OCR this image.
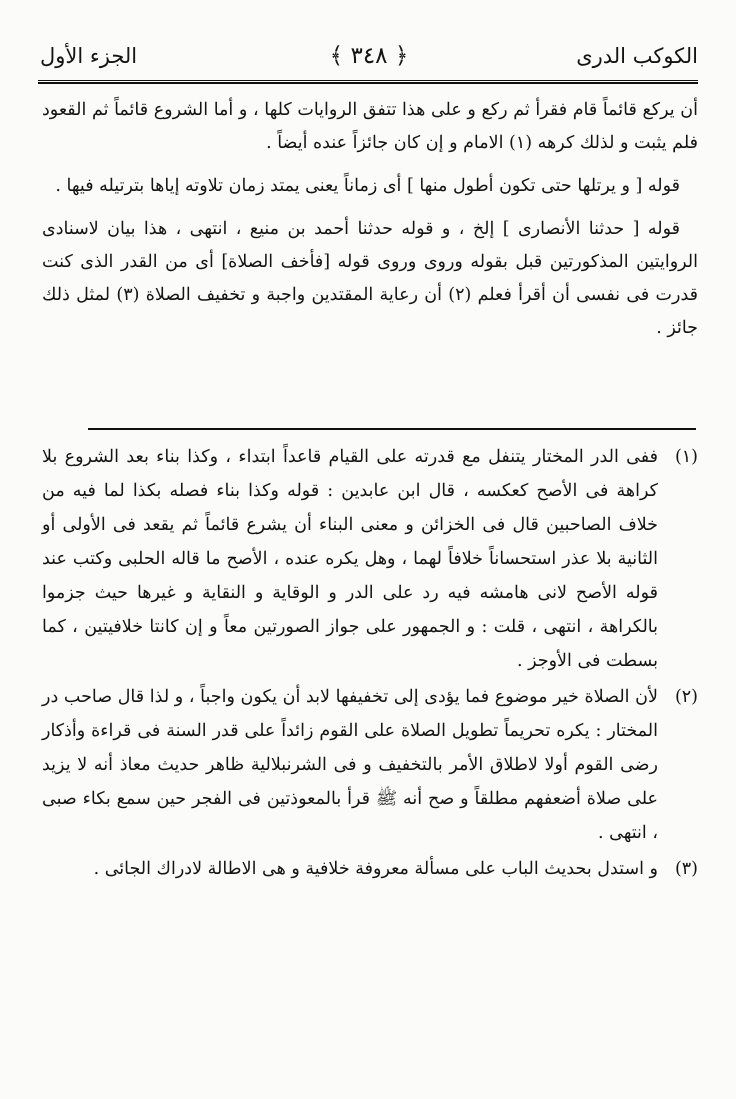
الكوكب الدرى
﴿ ٣٤٨ ﴾
الجزء الأول

أن يركع قائماً قام فقرأ ثم ركع و على هذا تتفق الروايات كلها ، و أما الشروع قائماً ثم القعود فلم يثبت و لذلك كرهه (١) الامام و إن كان جائزاً عنده أيضاً .

قوله [ و يرتلها حتى تكون أطول منها ] أى زماناً يعنى يمتد زمان تلاوته إياها بترتيله فيها .

قوله [ حدثنا الأنصارى ] إلخ ، و قوله حدثنا أحمد بن منيع ، انتهى ، هذا بيان لاسنادى الروايتين المذكورتين قبل بقوله وروى وروى قوله [فأخف الصلاة] أى من القدر الذى كنت قدرت فى نفسى أن أقرأ فعلم (٢) أن رعاية المقتدين واجبة و تخفيف الصلاة (٣) لمثل ذلك جائز .

(١)
ففى الدر المختار يتنفل مع قدرته على القيام قاعداً ابتداء ، وكذا بناء بعد الشروع بلا كراهة فى الأصح كعكسه ، قال ابن عابدين : قوله وكذا بناء فصله بكذا لما فيه من خلاف الصاحبين قال فى الخزائن و معنى البناء أن يشرع قائماً ثم يقعد فى الأولى أو الثانية بلا عذر استحساناً خلافاً لهما ، وهل يكره عنده ، الأصح ما قاله الحلبى وكتب عند قوله الأصح لانى هامشه فيه رد على الدر و الوقاية و النقاية و غيرها حيث جزموا بالكراهة ، انتهى ، قلت : و الجمهور على جواز الصورتين معاً و إن كانتا خلافيتين ، كما بسطت فى الأوجز .
(٢)
لأن الصلاة خير موضوع فما يؤدى إلى تخفيفها لابد أن يكون واجباً ، و لذا قال صاحب در المختار : يكره تحريماً تطويل الصلاة على القوم زائداً على قدر السنة فى قراءة وأذكار رضى القوم أولا لاطلاق الأمر بالتخفيف و فى الشرنبلالية ظاهر حديث معاذ أنه لا يزيد على صلاة أضعفهم مطلقاً و صح أنه ﷺ قرأ بالمعوذتين فى الفجر حين سمع بكاء صبى ، انتهى .
(٣)
و استدل بحديث الباب على مسألة معروفة خلافية و هى الاطالة لادراك الجائى .
